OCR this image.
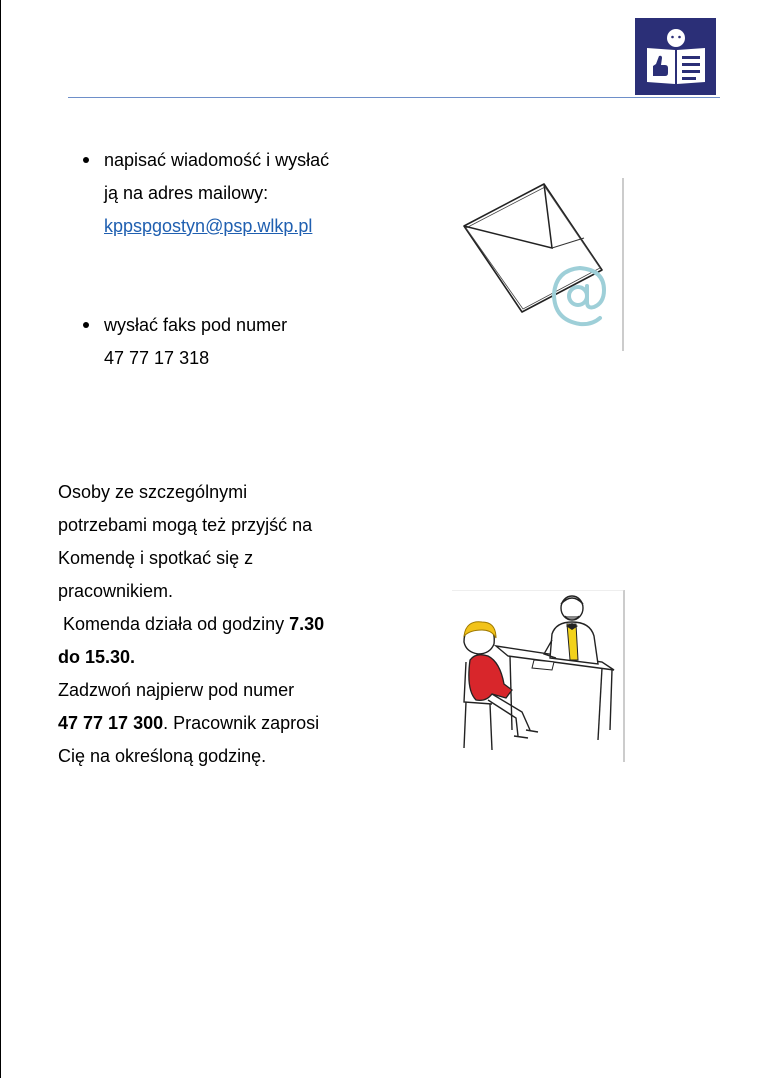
napisać wiadomość i wysłać
ją na adres mailowy:
kppspgostyn@psp.wlkp.pl
wysłać faks pod numer
47 77 17 318
Osoby ze szczególnymi
potrzebami mogą też przyjść na
Komendę i spotkać się z
pracownikiem.
Komenda działa od godziny 7.30
do 15.30.
Zadzwoń najpierw pod numer
47 77 17 300. Pracownik zaprosi
Cię na określoną godzinę.
